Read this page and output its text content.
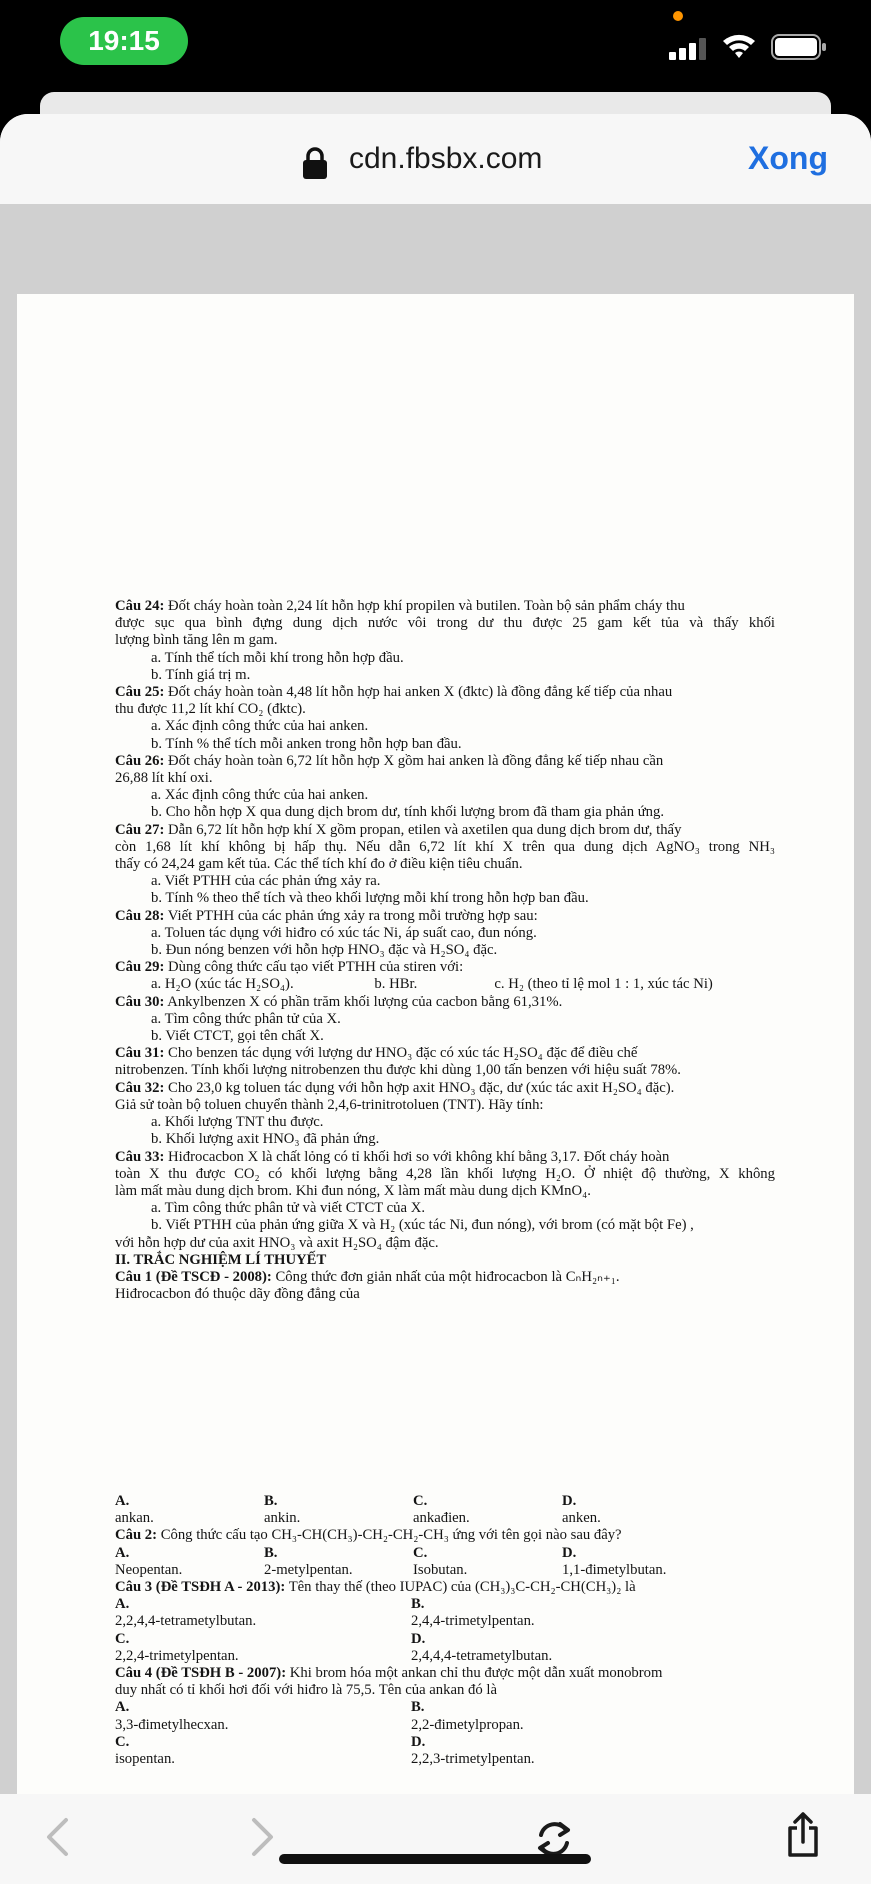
19:15
cdn.fbsbx.com	Xong
Câu 24: Đốt cháy hoàn toàn 2,24 lít hỗn hợp khí propilen và butilen. Toàn bộ sản phẩm cháy thu
được sục qua bình đựng dung dịch nước vôi trong dư thu được 25 gam kết tủa và thấy khối
lượng bình tăng lên m gam.
a. Tính thể tích mỗi khí trong hỗn hợp đầu.
b. Tính giá trị m.
Câu 25: Đốt cháy hoàn toàn 4,48 lít hỗn hợp hai anken X (đktc) là đồng đẳng kế tiếp của nhau
thu được 11,2 lít khí CO₂ (đktc).
a. Xác định công thức của hai anken.
b. Tính % thể tích mỗi anken trong hỗn hợp ban đầu.
Câu 26: Đốt cháy hoàn toàn 6,72 lít hỗn hợp X gồm hai anken là đồng đẳng kế tiếp nhau cần
26,88 lít khí oxi.
a. Xác định công thức của hai anken.
b. Cho hỗn hợp X qua dung dịch brom dư, tính khối lượng brom đã tham gia phản ứng.
Câu 27: Dẫn 6,72 lít hỗn hợp khí X gồm propan, etilen và axetilen qua dung dịch brom dư, thấy
còn 1,68 lít khí không bị hấp thụ. Nếu dẫn 6,72 lít khí X trên qua dung dịch AgNO₃ trong NH₃
thấy có 24,24 gam kết tủa. Các thể tích khí đo ở điều kiện tiêu chuẩn.
a. Viết PTHH của các phản ứng xảy ra.
b. Tính % theo thể tích và theo khối lượng mỗi khí trong hỗn hợp ban đầu.
Câu 28: Viết PTHH của các phản ứng xảy ra trong mỗi trường hợp sau:
a. Toluen tác dụng với hiđro có xúc tác Ni, áp suất cao, đun nóng.
b. Đun nóng benzen với hỗn hợp HNO₃ đặc và H₂SO₄ đặc.
Câu 29: Dùng công thức cấu tạo viết PTHH của stiren với:
a. H₂O (xúc tác H₂SO₄).                      b. HBr.                     c. H₂ (theo tỉ lệ mol 1 : 1, xúc tác Ni)
Câu 30: Ankylbenzen X có phần trăm khối lượng của cacbon bằng 61,31%.
a. Tìm công thức phân tử của X.
b. Viết CTCT, gọi tên chất X.
Câu 31: Cho benzen tác dụng với lượng dư HNO₃ đặc có xúc tác H₂SO₄ đặc để điều chế
nitrobenzen. Tính khối lượng nitrobenzen thu được khi dùng 1,00 tấn benzen với hiệu suất 78%.
Câu 32: Cho 23,0 kg toluen tác dụng với hỗn hợp axit HNO₃ đặc, dư (xúc tác axit H₂SO₄ đặc).
Giả sử toàn bộ toluen chuyển thành 2,4,6-trinitrotoluen (TNT). Hãy tính:
a. Khối lượng TNT thu được.
b. Khối lượng axit HNO₃ đã phản ứng.
Câu 33: Hiđrocacbon X là chất lỏng có tỉ khối hơi so với không khí bằng 3,17. Đốt cháy hoàn
toàn X thu được CO₂ có khối lượng bằng 4,28 lần khối lượng H₂O. Ở nhiệt độ thường, X không
làm mất màu dung dịch brom. Khi đun nóng, X làm mất màu dung dịch KMnO₄.
a. Tìm công thức phân tử và viết CTCT của X.
b. Viết PTHH của phản ứng giữa X và H₂ (xúc tác Ni, đun nóng), với brom (có mặt bột Fe) ,
với hỗn hợp dư của axit HNO₃ và axit H₂SO₄ đậm đặc.
II. TRẮC NGHIỆM LÍ THUYẾT
Câu 1 (Đề TSCĐ - 2008): Công thức đơn giản nhất của một hiđrocacbon là CₙH₂ₙ₊₁.
Hiđrocacbon đó thuộc dãy đồng đẳng của
A.
ankan.
B.
ankin.
C.
ankađien.
D.
anken.
Câu 2: Công thức cấu tạo CH₃-CH(CH₃)-CH₂-CH₂-CH₃ ứng với tên gọi nào sau đây?
A.
Neopentan.
B.
2-metylpentan.
C.
Isobutan.
D.
1,1-đimetylbutan.
Câu 3 (Đề TSĐH A - 2013): Tên thay thế (theo IUPAC) của (CH₃)₃C-CH₂-CH(CH₃)₂ là
A.
2,2,4,4-tetrametylbutan.
B.
2,4,4-trimetylpentan.
C.
2,2,4-trimetylpentan.
D.
2,4,4,4-tetrametylbutan.
Câu 4 (Đề TSĐH B - 2007): Khi brom hóa một ankan chỉ thu được một dẫn xuất monobrom
duy nhất có tỉ khối hơi đối với hiđro là 75,5. Tên của ankan đó là
A.
3,3-đimetylhecxan.
B.
2,2-đimetylpropan.
C.
isopentan.
D.
2,2,3-trimetylpentan.
